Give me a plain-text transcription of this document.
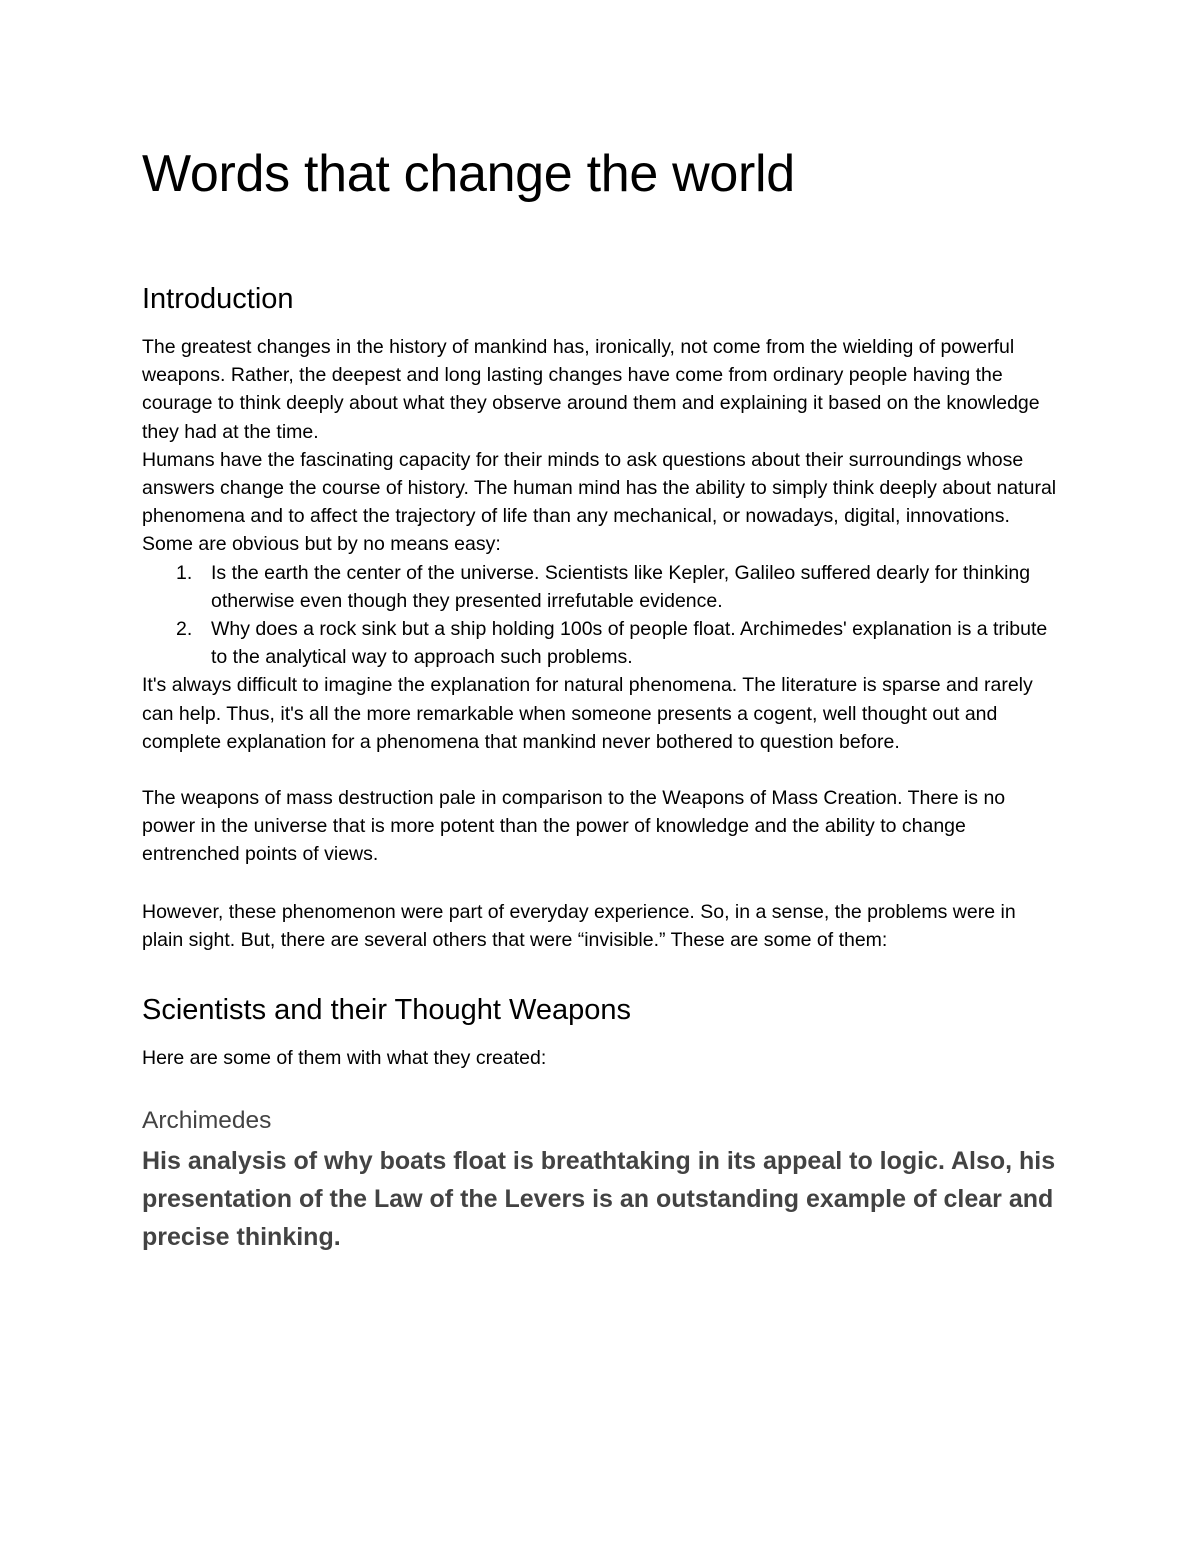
Words that change the world
Introduction

The greatest changes in the history of mankind has, ironically, not come from the wielding of powerful weapons. Rather, the deepest and long lasting changes have come from ordinary people having the courage to think deeply about what they observe around them and explaining it based on the knowledge they had at the time.

Humans have the fascinating capacity for their minds to ask questions about their surroundings whose answers change the course of history. The human mind has the ability to simply think deeply about natural phenomena and to affect the trajectory of life than any mechanical, or nowadays, digital, innovations. Some are obvious but by no means easy:

1. Is the earth the center of the universe. Scientists like Kepler, Galileo suffered dearly for thinking otherwise even though they presented irrefutable evidence.
2. Why does a rock sink but a ship holding 100s of people float. Archimedes' explanation is a tribute to the analytical way to approach such problems.

It's always difficult to imagine the explanation for natural phenomena. The literature is sparse and rarely can help. Thus, it's all the more remarkable when someone presents a cogent, well thought out and complete explanation for a phenomena that mankind never bothered to question before.

The weapons of mass destruction pale in comparison to the Weapons of Mass Creation. There is no power in the universe that is more potent than the power of knowledge and the ability to change entrenched points of views.

However, these phenomenon were part of everyday experience. So, in a sense, the problems were in plain sight. But, there are several others that were “invisible.” These are some of them:

Scientists and their Thought Weapons

Here are some of them with what they created:

Archimedes

His analysis of why boats float is breathtaking in its appeal to logic. Also, his presentation of the Law of the Levers is an outstanding example of clear and precise thinking.
